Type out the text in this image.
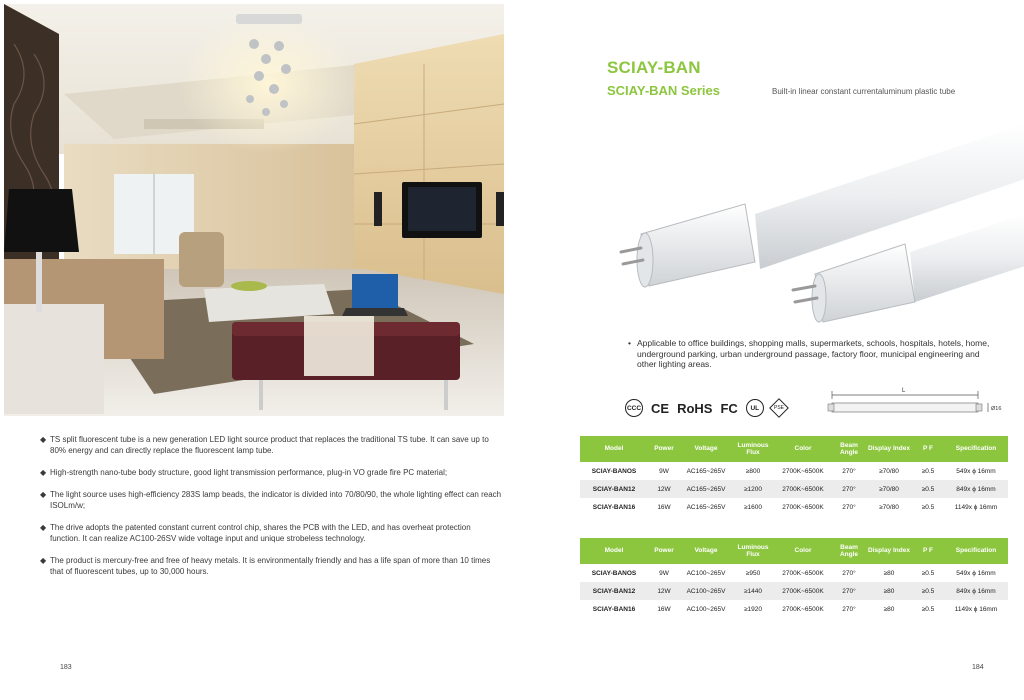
◆ TS split fluorescent tube is a new generation LED light source product that replaces the traditional TS tube. It can save up to 80% energy and can directly replace the fluorescent lamp tube.
◆ High-strength nano-tube body structure, good light transmission performance, plug-in VO grade fire PC material;
◆ The light source uses high-efficiency 283S lamp beads, the indicator is divided into 70/80/90, the whole lighting effect can reach ISOLm/w;
◆ The drive adopts the patented constant current control chip, shares the PCB with the LED, and has overheat protection function. It can realize AC100-26SV wide voltage input and unique strobeless technology.
◆ The product is mercury-free and free of heavy metals. It is environmentally friendly and has a life span of more than 10 times that of fluorescent tubes, up to 30,000 hours.
183
SCIAY-BAN
SCIAY-BAN Series	Built-in linear constant currentaluminum plastic tube
• Applicable to office buildings, shopping malls, supermarkets, schools, hospitals, hotels, home, underground parking, urban underground passage, factory floor, municipal engineering and other lighting areas.
CCC CE RoHS FC	UL	PSE
L
Ø16
Model	Power	Voltage	Luminous Flux	Color	Beam Angle	Display Index	P F	Specification
SCIAY-BANOS	9W	AC165~265V	≥800	2700K~6500K	270°	≥70/80	≥0.5	549x ϕ 16mm
SCIAY-BAN12	12W	AC165~265V	≥1200	2700K~6500K	270°	≥70/80	≥0.5	849x ϕ 16mm
SCIAY-BAN16	16W	AC165~265V	≥1600	2700K~6500K	270°	≥70/80	≥0.5	1149x ϕ 16mm
Model	Power	Voltage	Luminous Flux	Color	Beam Angle	Display Index	P F	Specification
SCIAY-BANOS	9W	AC100~265V	≥950	2700K~6500K	270°	≥80	≥0.5	549x ϕ 16mm
SCIAY-BAN12	12W	AC100~265V	≥1440	2700K~6500K	270°	≥80	≥0.5	849x ϕ 16mm
SCIAY-BAN16	16W	AC100~265V	≥1920	2700K~6500K	270°	≥80	≥0.5	1149x ϕ 16mm
184
